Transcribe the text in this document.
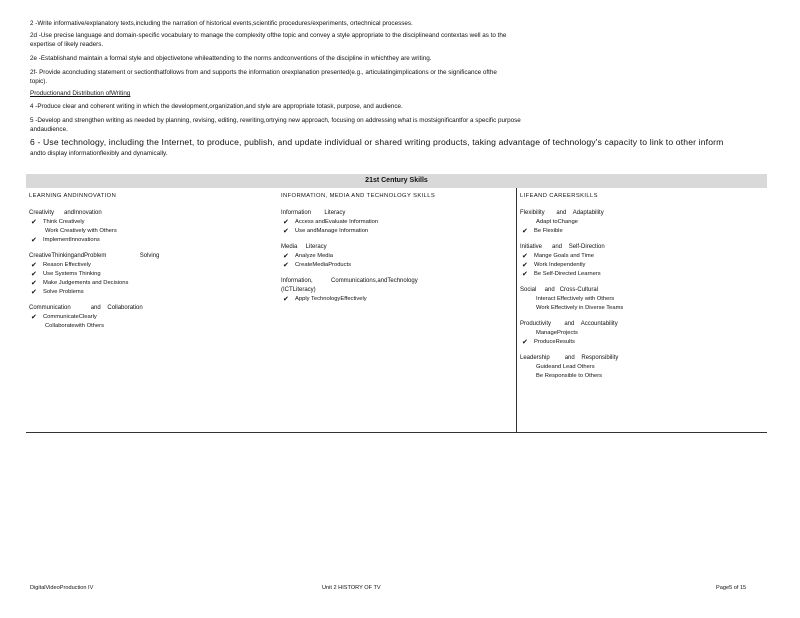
2 -Write informative/explanatory texts,including the narration of historical events,scientific procedures/experiments, ortechnical processes.
2d -Use precise language and domain-specific vocabulary to manage the complexity ofthe topic and convey a style appropriate to the disciplineand contextas well as to the
expertise of likely readers.
2e -Establishand maintain a formal style and objectivetone whileattending to the norms andconventions of the discipline in whichthey are writing.
2f- Provide aconcluding statement or sectionthatfollows from and supports the information orexplanation presented(e.g., articulatingimplications or the significance ofthe
topic).
Productionand Distribution ofWriting
4 -Produce clear and coherent writing in which the development,organization,and style are appropriate totask, purpose, and audience.
5 -Develop and strengthen writing as needed by planning, revising, editing, rewriting,ortrying new approach, focusing on addressing what is mostsignificantfor a specific purpose
andaudience.
6 - Use technology, including the Internet, to produce, publish, and update individual or shared writing products, taking advantage of technology's capacity to link to other inform
andto display informationflexibly and dynamically.
21st Century Skills
LEARNING ANDINNOVATION
Creativity      andInnovation
✔ Think Creatively
Work Creatively with Others
✔ ImplementInnovations
CreativeThinkingandProblem                    Solving
✔ Reason Effectively
✔ Use Systems Thinking
✔ Make Judgements and Decisions
✔ Solve Problems
Communication            and    Collaboration
✔ CommunicateClearly
Collaboratewith Others
INFORMATION, MEDIA AND TECHNOLOGY SKILLS
Information        Literacy
✔ Access andEvaluate Information
✔ Use andManage Information
Media     Literacy
✔ Analyze Media
✔ CreateMediaProducts
Information,           Communications,andTechnology
(ICTLiteracy)
✔ Apply TechnologyEffectively
LIFEAND CAREERSKILLS
Flexibility       and    Adaptability
Adapt toChange
✔ Be Flexible
Initiative      and    Self-Direction
✔ Mange Goals and Time
✔ Work Independently
✔ Be Self-Directed Learners
Social     and   Cross-Cultural
Interact Effectively with Others
Work Effectively in Diverse Teams
Productivity        and    Accountability
ManageProjects
✔ ProduceResults
Leadership         and    Responsibility
Guideand Lead Others
Be Responsible to Others
DigitalVideoProduction IV	Unit 2 HISTORY OF TV	Page5 of 15
